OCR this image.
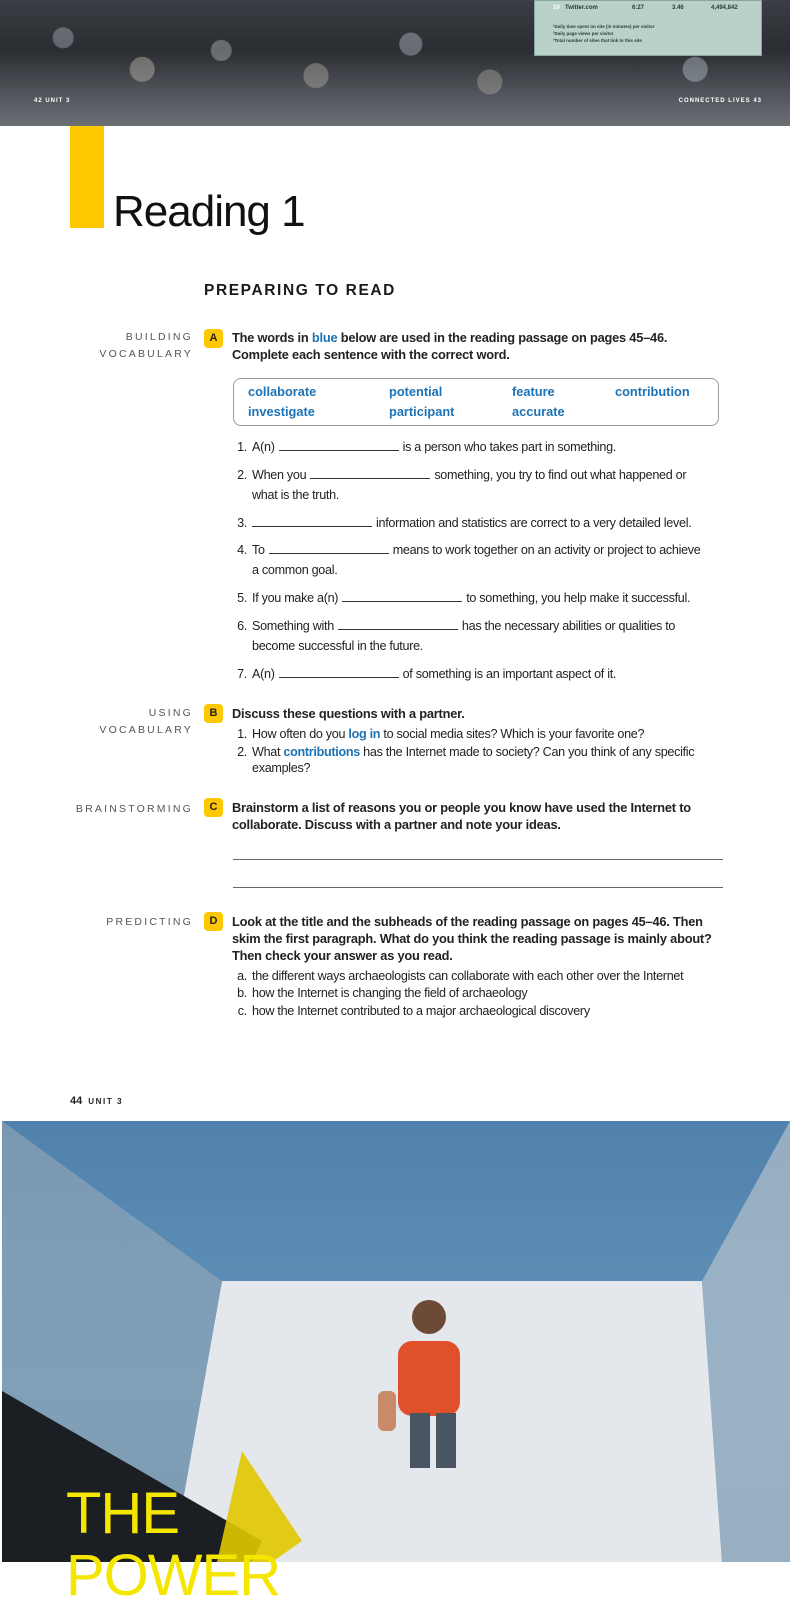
42 UNIT 3	CONNECTED LIVES 43
10 Twitter.com	6:27	3.46	4,494,842
¹Daily time spent on site (in minutes) per visitor
²Daily page views per visitor
³Total number of sites that link to this site
Reading 1
PREPARING TO READ
BUILDING
VOCABULARY
A	The words in blue below are used in the reading passage on pages 45–46. Complete each sentence with the correct word.
collaborate	potential	feature	contribution
investigate	participant	accurate
1. A(n)	is a person who takes part in something.
2. When you	something, you try to find out what happened or
what is the truth.
3.	information and statistics are correct to a very detailed level.
4. To	means to work together on an activity or project to achieve
a common goal.
5. If you make a(n)	to something, you help make it successful.
6. Something with	has the necessary abilities or qualities to
become successful in the future.
7. A(n)	of something is an important aspect of it.
USING
VOCABULARY
B	Discuss these questions with a partner.
1. How often do you log in to social media sites? Which is your favorite one?
2. What contributions has the Internet made to society? Can you think of any specific
examples?
BRAINSTORMING	C	Brainstorm a list of reasons you or people you know have used the Internet to collaborate. Discuss with a partner and note your ideas.
PREDICTING	D	Look at the title and the subheads of the reading passage on pages 45–46. Then skim the first paragraph. What do you think the reading passage is mainly about? Then check your answer as you read.
a. the different ways archaeologists can collaborate with each other over the Internet
b. how the Internet is changing the field of archaeology
c. how the Internet contributed to a major archaeological discovery
44 UNIT 3
THE
POWER
